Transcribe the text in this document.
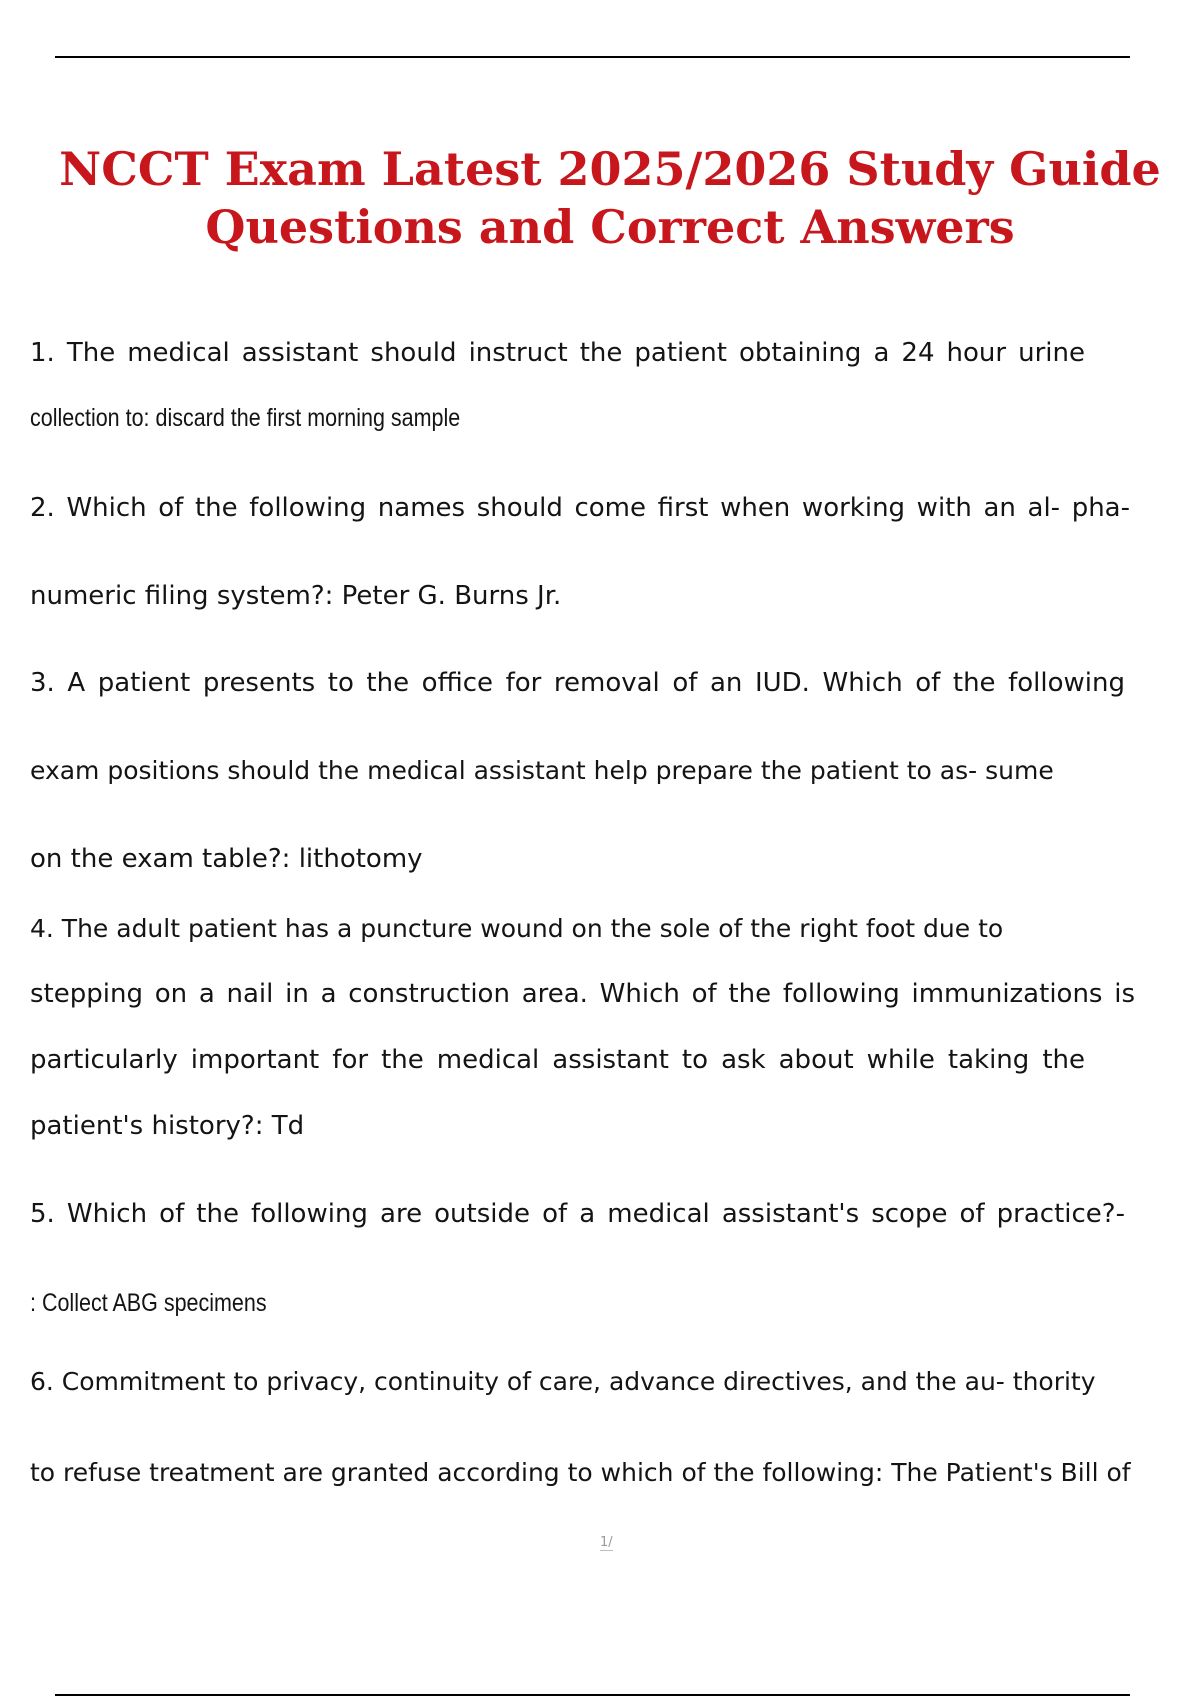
NCCT Exam Latest 2025/2026 Study Guide
Questions and Correct Answers
1. The medical assistant should instruct the patient obtaining a 24 hour urine
collection to: discard the first morning sample
2. Which of the following names should come first when working with an al- pha-
numeric filing system?: Peter G. Burns Jr.
3. A patient presents to the office for removal of an IUD. Which of the following
exam positions should the medical assistant help prepare the patient to as- sume
on the exam table?: lithotomy
4. The adult patient has a puncture wound on the sole of the right foot due to
stepping on a nail in a construction area. Which of the following immunizations is
particularly important for the medical assistant to ask about while taking the
patient's history?: Td
5. Which of the following are outside of a medical assistant's scope of practice?-
: Collect ABG specimens
6. Commitment to privacy, continuity of care, advance directives, and the au- thority
to refuse treatment are granted according to which of the following: The Patient's Bill of
1/
